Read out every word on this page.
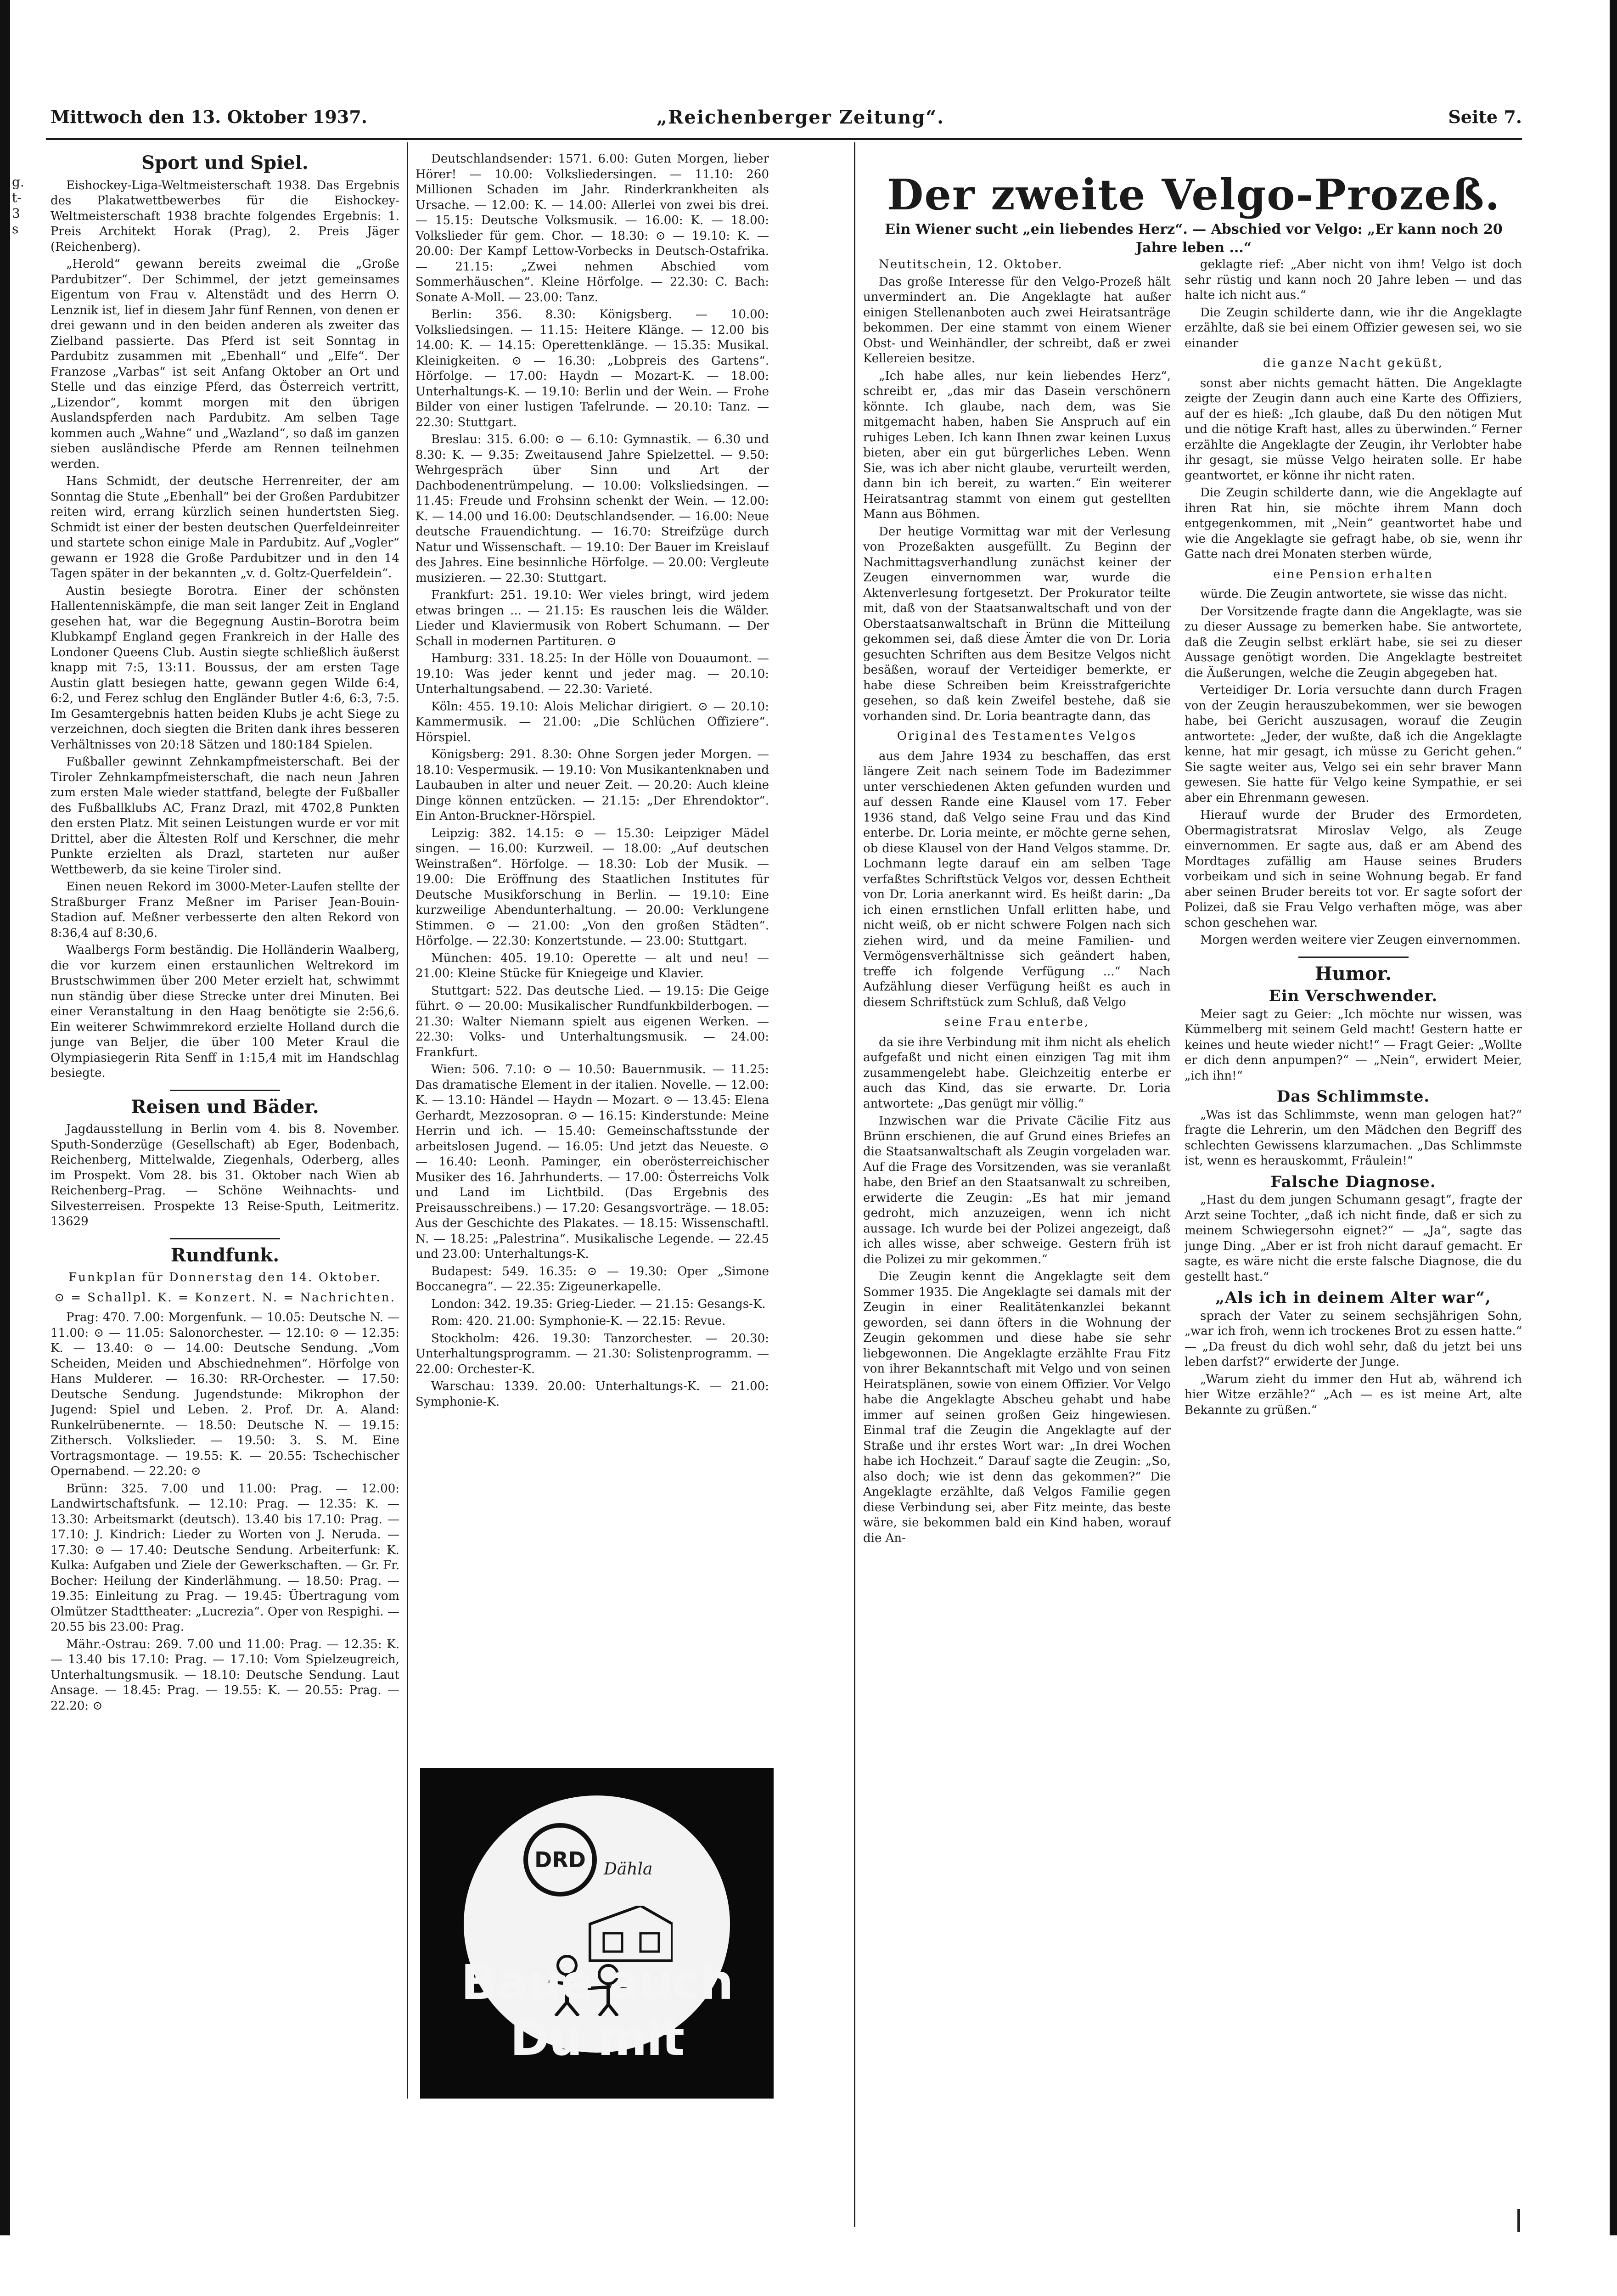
g.
t-
3
s
Mittwoch den 13. Oktober 1937.	„Reichenberger Zeitung“.	Seite 7.
Sport und Spiel.

Eishockey-Liga-Weltmeisterschaft 1938. Das Ergebnis des Plakatwettbewerbes für die Eishockey-Weltmeisterschaft 1938 brachte folgendes Ergebnis: 1. Preis Architekt Horak (Prag), 2. Preis Jäger (Reichenberg).

„Herold“ gewann bereits zweimal die „Große Pardubitzer“. Der Schimmel, der jetzt gemeinsames Eigentum von Frau v. Altenstädt und des Herrn O. Lenznik ist, lief in diesem Jahr fünf Rennen, von denen er drei gewann und in den beiden anderen als zweiter das Zielband passierte. Das Pferd ist seit Sonntag in Pardubitz zusammen mit „Ebenhall“ und „Elfe“. Der Franzose „Varbas“ ist seit Anfang Oktober an Ort und Stelle und das einzige Pferd, das Österreich vertritt, „Lizendor“, kommt morgen mit den übrigen Auslandspferden nach Pardubitz. Am selben Tage kommen auch „Wahne“ und „Wazland“, so daß im ganzen sieben ausländische Pferde am Rennen teilnehmen werden.

Hans Schmidt, der deutsche Herrenreiter, der am Sonntag die Stute „Ebenhall“ bei der Großen Pardubitzer reiten wird, errang kürzlich seinen hundertsten Sieg. Schmidt ist einer der besten deutschen Querfeldeinreiter und startete schon einige Male in Pardubitz. Auf „Vogler“ gewann er 1928 die Große Pardubitzer und in den 14 Tagen später in der bekannten „v. d. Goltz-Querfeldein“.

Austin besiegte Borotra. Einer der schönsten Hallentenniskämpfe, die man seit langer Zeit in England gesehen hat, war die Begegnung Austin–Borotra beim Klubkampf England gegen Frankreich in der Halle des Londoner Queens Club. Austin siegte schließlich äußerst knapp mit 7:5, 13:11. Boussus, der am ersten Tage Austin glatt besiegen hatte, gewann gegen Wilde 6:4, 6:2, und Ferez schlug den Engländer Butler 4:6, 6:3, 7:5. Im Gesamtergebnis hatten beiden Klubs je acht Siege zu verzeichnen, doch siegten die Briten dank ihres besseren Verhältnisses von 20:18 Sätzen und 180:184 Spielen.

Fußballer gewinnt Zehnkampfmeisterschaft. Bei der Tiroler Zehnkampfmeisterschaft, die nach neun Jahren zum ersten Male wieder stattfand, belegte der Fußballer des Fußballklubs AC, Franz Drazl, mit 4702,8 Punkten den ersten Platz. Mit seinen Leistungen wurde er vor mit Drittel, aber die Ältesten Rolf und Kerschner, die mehr Punkte erzielten als Drazl, starteten nur außer Wettbewerb, da sie keine Tiroler sind.

Einen neuen Rekord im 3000-Meter-Laufen stellte der Straßburger Franz Meßner im Pariser Jean-Bouin-Stadion auf. Meßner verbesserte den alten Rekord von 8:36,4 auf 8:30,6.

Waalbergs Form beständig. Die Holländerin Waalberg, die vor kurzem einen erstaunlichen Weltrekord im Brustschwimmen über 200 Meter erzielt hat, schwimmt nun ständig über diese Strecke unter drei Minuten. Bei einer Veranstaltung in den Haag benötigte sie 2:56,6. Ein weiterer Schwimmrekord erzielte Holland durch die junge van Beljer, die über 100 Meter Kraul die Olympiasiegerin Rita Senff in 1:15,4 mit im Handschlag besiegte.

Reisen und Bäder.

Jagdausstellung in Berlin vom 4. bis 8. November. Sputh-Sonderzüge (Gesellschaft) ab Eger, Bodenbach, Reichenberg, Mittelwalde, Ziegenhals, Oderberg, alles im Prospekt. Vom 28. bis 31. Oktober nach Wien ab Reichenberg–Prag. — Schöne Weihnachts- und Silvesterreisen. Prospekte 13 Reise-Sputh, Leitmeritz. 13629

Rundfunk.

Funkplan für Donnerstag den 14. Oktober.

⊙ = Schallpl. K. = Konzert. N. = Nachrichten.

Prag: 470. 7.00: Morgenfunk. — 10.05: Deutsche N. — 11.00: ⊙ — 11.05: Salonorchester. — 12.10: ⊙ — 12.35: K. — 13.40: ⊙ — 14.00: Deutsche Sendung. „Vom Scheiden, Meiden und Abschiednehmen“. Hörfolge von Hans Mulderer. — 16.30: RR-Orchester. — 17.50: Deutsche Sendung. Jugendstunde: Mikrophon der Jugend: Spiel und Leben. 2. Prof. Dr. A. Aland: Runkelrübenernte. — 18.50: Deutsche N. — 19.15: Zithersch. Volkslieder. — 19.50: 3. S. M. Eine Vortragsmontage. — 19.55: K. — 20.55: Tschechischer Opernabend. — 22.20: ⊙

Brünn: 325. 7.00 und 11.00: Prag. — 12.00: Landwirtschaftsfunk. — 12.10: Prag. — 12.35: K. — 13.30: Arbeitsmarkt (deutsch). 13.40 bis 17.10: Prag. — 17.10: J. Kindrich: Lieder zu Worten von J. Neruda. — 17.30: ⊙ — 17.40: Deutsche Sendung. Arbeiterfunk: K. Kulka: Aufgaben und Ziele der Gewerkschaften. — Gr. Fr. Bocher: Heilung der Kinderlähmung. — 18.50: Prag. — 19.35: Einleitung zu Prag. — 19.45: Übertragung vom Olmützer Stadttheater: „Lucrezia“. Oper von Respighi. — 20.55 bis 23.00: Prag.

Mähr.-Ostrau: 269. 7.00 und 11.00: Prag. — 12.35: K. — 13.40 bis 17.10: Prag. — 17.10: Vom Spielzeugreich, Unterhaltungsmusik. — 18.10: Deutsche Sendung. Laut Ansage. — 18.45: Prag. — 19.55: K. — 20.55: Prag. — 22.20: ⊙

Deutschlandsender: 1571. 6.00: Guten Morgen, lieber Hörer! — 10.00: Volksliedersingen. — 11.10: 260 Millionen Schaden im Jahr. Rinderkrankheiten als Ursache. — 12.00: K. — 14.00: Allerlei von zwei bis drei. — 15.15: Deutsche Volksmusik. — 16.00: K. — 18.00: Volkslieder für gem. Chor. — 18.30: ⊙ — 19.10: K. — 20.00: Der Kampf Lettow-Vorbecks in Deutsch-Ostafrika. — 21.15: „Zwei nehmen Abschied vom Sommerhäuschen“. Kleine Hörfolge. — 22.30: C. Bach: Sonate A-Moll. — 23.00: Tanz.

Berlin: 356. 8.30: Königsberg. — 10.00: Volksliedsingen. — 11.15: Heitere Klänge. — 12.00 bis 14.00: K. — 14.15: Operettenklänge. — 15.35: Musikal. Kleinigkeiten. ⊙ — 16.30: „Lobpreis des Gartens“. Hörfolge. — 17.00: Haydn — Mozart-K. — 18.00: Unterhaltungs-K. — 19.10: Berlin und der Wein. — Frohe Bilder von einer lustigen Tafelrunde. — 20.10: Tanz. — 22.30: Stuttgart.

Breslau: 315. 6.00: ⊙ — 6.10: Gymnastik. — 6.30 und 8.30: K. — 9.35: Zweitausend Jahre Spielzettel. — 9.50: Wehrgespräch über Sinn und Art der Dachbodenentrümpelung. — 10.00: Volksliedsingen. — 11.45: Freude und Frohsinn schenkt der Wein. — 12.00: K. — 14.00 und 16.00: Deutschlandsender. — 16.00: Neue deutsche Frauendichtung. — 16.70: Streifzüge durch Natur und Wissenschaft. — 19.10: Der Bauer im Kreislauf des Jahres. Eine besinnliche Hörfolge. — 20.00: Vergleute musizieren. — 22.30: Stuttgart.

Frankfurt: 251. 19.10: Wer vieles bringt, wird jedem etwas bringen ... — 21.15: Es rauschen leis die Wälder. Lieder und Klaviermusik von Robert Schumann. — Der Schall in modernen Partituren. ⊙

Hamburg: 331. 18.25: In der Hölle von Douaumont. — 19.10: Was jeder kennt und jeder mag. — 20.10: Unterhaltungsabend. — 22.30: Varieté.

Köln: 455. 19.10: Alois Melichar dirigiert. ⊙ — 20.10: Kammermusik. — 21.00: „Die Schlüchen Offiziere“. Hörspiel.

Königsberg: 291. 8.30: Ohne Sorgen jeder Morgen. — 18.10: Vespermusik. — 19.10: Von Musikantenknaben und Laubauben in alter und neuer Zeit. — 20.20: Auch kleine Dinge können entzücken. — 21.15: „Der Ehrendoktor“. Ein Anton-Bruckner-Hörspiel.

Leipzig: 382. 14.15: ⊙ — 15.30: Leipziger Mädel singen. — 16.00: Kurzweil. — 18.00: „Auf deutschen Weinstraßen“. Hörfolge. — 18.30: Lob der Musik. — 19.00: Die Eröffnung des Staatlichen Institutes für Deutsche Musikforschung in Berlin. — 19.10: Eine kurzweilige Abendunterhaltung. — 20.00: Verklungene Stimmen. ⊙ — 21.00: „Von den großen Städten“. Hörfolge. — 22.30: Konzertstunde. — 23.00: Stuttgart.

München: 405. 19.10: Operette — alt und neu! — 21.00: Kleine Stücke für Kniegeige und Klavier.

Stuttgart: 522. Das deutsche Lied. — 19.15: Die Geige führt. ⊙ — 20.00: Musikalischer Rundfunkbilderbogen. — 21.30: Walter Niemann spielt aus eigenen Werken. — 22.30: Volks- und Unterhaltungsmusik. — 24.00: Frankfurt.

Wien: 506. 7.10: ⊙ — 10.50: Bauernmusik. — 11.25: Das dramatische Element in der italien. Novelle. — 12.00: K. — 13.10: Händel — Haydn — Mozart. ⊙ — 13.45: Elena Gerhardt, Mezzosopran. ⊙ — 16.15: Kinderstunde: Meine Herrin und ich. — 15.40: Gemeinschaftsstunde der arbeitslosen Jugend. — 16.05: Und jetzt das Neueste. ⊙ — 16.40: Leonh. Paminger, ein oberösterreichischer Musiker des 16. Jahrhunderts. — 17.00: Österreichs Volk und Land im Lichtbild. (Das Ergebnis des Preisausschreibens.) — 17.20: Gesangsvorträge. — 18.05: Aus der Geschichte des Plakates. — 18.15: Wissenschaftl. N. — 18.25: „Palestrina“. Musikalische Legende. — 22.45 und 23.00: Unterhaltungs-K.

Budapest: 549. 16.35: ⊙ — 19.30: Oper „Simone Boccanegra“. — 22.35: Zigeunerkapelle.

London: 342. 19.35: Grieg-Lieder. — 21.15: Gesangs-K.

Rom: 420. 21.00: Symphonie-K. — 22.15: Revue.

Stockholm: 426. 19.30: Tanzorchester. — 20.30: Unterhaltungsprogramm. — 21.30: Solistenprogramm. — 22.00: Orchester-K.

Warschau: 1339. 20.00: Unterhaltungs-K. — 21.00: Symphonie-K.

DRD	Dähla
Baue auch Du mit
Der zweite Velgo-Prozeß.
Ein Wiener sucht „ein liebendes Herz“. — Abschied vor Velgo: „Er kann noch 20 Jahre leben ...“

Neutitschein, 12. Oktober.

Das große Interesse für den Velgo-Prozeß hält unvermindert an. Die Angeklagte hat außer einigen Stellenanboten auch zwei Heiratsanträge bekommen. Der eine stammt von einem Wiener Obst- und Weinhändler, der schreibt, daß er zwei Kellereien besitze.

„Ich habe alles, nur kein liebendes Herz“, schreibt er, „das mir das Dasein verschönern könnte. Ich glaube, nach dem, was Sie mitgemacht haben, haben Sie Anspruch auf ein ruhiges Leben. Ich kann Ihnen zwar keinen Luxus bieten, aber ein gut bürgerliches Leben. Wenn Sie, was ich aber nicht glaube, verurteilt werden, dann bin ich bereit, zu warten.“ Ein weiterer Heiratsantrag stammt von einem gut gestellten Mann aus Böhmen.

Der heutige Vormittag war mit der Verlesung von Prozeßakten ausgefüllt. Zu Beginn der Nachmittagsverhandlung zunächst keiner der Zeugen einvernommen war, wurde die Aktenverlesung fortgesetzt. Der Prokurator teilte mit, daß von der Staatsanwaltschaft und von der Oberstaatsanwaltschaft in Brünn die Mitteilung gekommen sei, daß diese Ämter die von Dr. Loria gesuchten Schriften aus dem Besitze Velgos nicht besäßen, worauf der Verteidiger bemerkte, er habe diese Schreiben beim Kreisstrafgerichte gesehen, so daß kein Zweifel bestehe, daß sie vorhanden sind. Dr. Loria beantragte dann, das

Original des Testamentes Velgos

aus dem Jahre 1934 zu beschaffen, das erst längere Zeit nach seinem Tode im Badezimmer unter verschiedenen Akten gefunden wurden und auf dessen Rande eine Klausel vom 17. Feber 1936 stand, daß Velgo seine Frau und das Kind enterbe. Dr. Loria meinte, er möchte gerne sehen, ob diese Klausel von der Hand Velgos stamme. Dr. Lochmann legte darauf ein am selben Tage verfaßtes Schriftstück Velgos vor, dessen Echtheit von Dr. Loria anerkannt wird. Es heißt darin: „Da ich einen ernstlichen Unfall erlitten habe, und nicht weiß, ob er nicht schwere Folgen nach sich ziehen wird, und da meine Familien- und Vermögensverhältnisse sich geändert haben, treffe ich folgende Verfügung ...“ Nach Aufzählung dieser Verfügung heißt es auch in diesem Schriftstück zum Schluß, daß Velgo

seine Frau enterbe,

da sie ihre Verbindung mit ihm nicht als ehelich aufgefaßt und nicht einen einzigen Tag mit ihm zusammengelebt habe. Gleichzeitig enterbe er auch das Kind, das sie erwarte. Dr. Loria antwortete: „Das genügt mir völlig.“

Inzwischen war die Private Cäcilie Fitz aus Brünn erschienen, die auf Grund eines Briefes an die Staatsanwaltschaft als Zeugin vorgeladen war. Auf die Frage des Vorsitzenden, was sie veranlaßt habe, den Brief an den Staatsanwalt zu schreiben, erwiderte die Zeugin: „Es hat mir jemand gedroht, mich anzuzeigen, wenn ich nicht aussage. Ich wurde bei der Polizei angezeigt, daß ich alles wisse, aber schweige. Gestern früh ist die Polizei zu mir gekommen.“

Die Zeugin kennt die Angeklagte seit dem Sommer 1935. Die Angeklagte sei damals mit der Zeugin in einer Realitätenkanzlei bekannt geworden, sei dann öfters in die Wohnung der Zeugin gekommen und diese habe sie sehr liebgewonnen. Die Angeklagte erzählte Frau Fitz von ihrer Bekanntschaft mit Velgo und von seinen Heiratsplänen, sowie von einem Offizier. Vor Velgo habe die Angeklagte Abscheu gehabt und habe immer auf seinen großen Geiz hingewiesen. Einmal traf die Zeugin die Angeklagte auf der Straße und ihr erstes Wort war: „In drei Wochen habe ich Hochzeit.“ Darauf sagte die Zeugin: „So, also doch; wie ist denn das gekommen?“ Die Angeklagte erzählte, daß Velgos Familie gegen diese Verbindung sei, aber Fitz meinte, das beste wäre, sie bekommen bald ein Kind haben, worauf die An-

geklagte rief: „Aber nicht von ihm! Velgo ist doch sehr rüstig und kann noch 20 Jahre leben — und das halte ich nicht aus.“

Die Zeugin schilderte dann, wie ihr die Angeklagte erzählte, daß sie bei einem Offizier gewesen sei, wo sie einander

die ganze Nacht geküßt,

sonst aber nichts gemacht hätten. Die Angeklagte zeigte der Zeugin dann auch eine Karte des Offiziers, auf der es hieß: „Ich glaube, daß Du den nötigen Mut und die nötige Kraft hast, alles zu überwinden.“ Ferner erzählte die Angeklagte der Zeugin, ihr Verlobter habe ihr gesagt, sie müsse Velgo heiraten solle. Er habe geantwortet, er könne ihr nicht raten.

Die Zeugin schilderte dann, wie die Angeklagte auf ihren Rat hin, sie möchte ihrem Mann doch entgegenkommen, mit „Nein“ geantwortet habe und wie die Angeklagte sie gefragt habe, ob sie, wenn ihr Gatte nach drei Monaten sterben würde,

eine Pension erhalten

würde. Die Zeugin antwortete, sie wisse das nicht.

Der Vorsitzende fragte dann die Angeklagte, was sie zu dieser Aussage zu bemerken habe. Sie antwortete, daß die Zeugin selbst erklärt habe, sie sei zu dieser Aussage genötigt worden. Die Angeklagte bestreitet die Äußerungen, welche die Zeugin abgegeben hat.

Verteidiger Dr. Loria versuchte dann durch Fragen von der Zeugin herauszubekommen, wer sie bewogen habe, bei Gericht auszusagen, worauf die Zeugin antwortete: „Jeder, der wußte, daß ich die Angeklagte kenne, hat mir gesagt, ich müsse zu Gericht gehen.“ Sie sagte weiter aus, Velgo sei ein sehr braver Mann gewesen. Sie hatte für Velgo keine Sympathie, er sei aber ein Ehrenmann gewesen.

Hierauf wurde der Bruder des Ermordeten, Obermagistratsrat Miroslav Velgo, als Zeuge einvernommen. Er sagte aus, daß er am Abend des Mordtages zufällig am Hause seines Bruders vorbeikam und sich in seine Wohnung begab. Er fand aber seinen Bruder bereits tot vor. Er sagte sofort der Polizei, daß sie Frau Velgo verhaften möge, was aber schon geschehen war.

Morgen werden weitere vier Zeugen einvernommen.

Humor.
Ein Verschwender.

Meier sagt zu Geier: „Ich möchte nur wissen, was Kümmelberg mit seinem Geld macht! Gestern hatte er keines und heute wieder nicht!“ — Fragt Geier: „Wollte er dich denn anpumpen?“ — „Nein“, erwidert Meier, „ich ihn!“

Das Schlimmste.

„Was ist das Schlimmste, wenn man gelogen hat?“ fragte die Lehrerin, um den Mädchen den Begriff des schlechten Gewissens klarzumachen. „Das Schlimmste ist, wenn es herauskommt, Fräulein!“

Falsche Diagnose.

„Hast du dem jungen Schumann gesagt“, fragte der Arzt seine Tochter, „daß ich nicht finde, daß er sich zu meinem Schwiegersohn eignet?“ — „Ja“, sagte das junge Ding. „Aber er ist froh nicht darauf gemacht. Er sagte, es wäre nicht die erste falsche Diagnose, die du gestellt hast.“

„Als ich in deinem Alter war“,

sprach der Vater zu seinem sechsjährigen Sohn, „war ich froh, wenn ich trockenes Brot zu essen hatte.“ — „Da freust du dich wohl sehr, daß du jetzt bei uns leben darfst?“ erwiderte der Junge.

„Warum zieht du immer den Hut ab, während ich hier Witze erzähle?“ „Ach — es ist meine Art, alte Bekannte zu grüßen.“
